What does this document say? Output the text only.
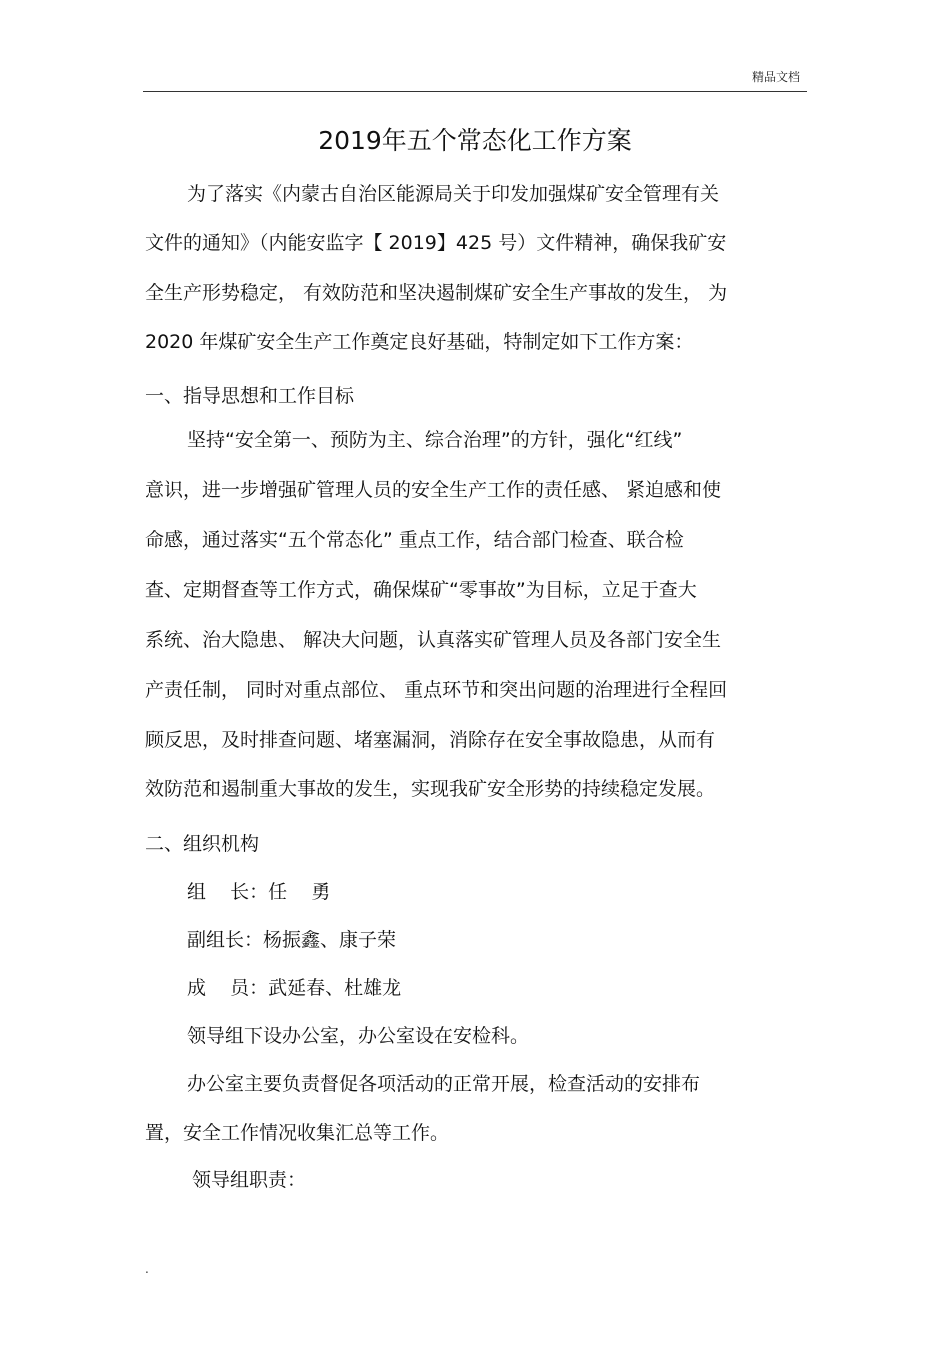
精品文档
2019年五个常态化工作方案
为了落实《内蒙古自治区能源局关于印发加强煤矿安全管理有关
文件的通知》（内能安监字【 2019】425 号）文件精神，确保我矿安
全生产形势稳定， 有效防范和坚决遏制煤矿安全生产事故的发生， 为
2020 年煤矿安全生产工作奠定良好基础，特制定如下工作方案：
一、指导思想和工作目标
坚持“安全第一、预防为主、综合治理”的方针，强化“红线”
意识，进一步增强矿管理人员的安全生产工作的责任感、 紧迫感和使
命感，通过落实“五个常态化” 重点工作，结合部门检查、联合检
查、定期督查等工作方式，确保煤矿“零事故”为目标，立足于查大
系统、治大隐患、 解决大问题，认真落实矿管理人员及各部门安全生
产责任制， 同时对重点部位、 重点环节和突出问题的治理进行全程回
顾反思，及时排查问题、堵塞漏洞，消除存在安全事故隐患，从而有
效防范和遏制重大事故的发生，实现我矿安全形势的持续稳定发展。
二、组织机构
组    长：任    勇
副组长：杨振鑫、康子荣
成    员：武延春、杜雄龙
领导组下设办公室，办公室设在安检科。
办公室主要负责督促各项活动的正常开展，检查活动的安排布
置，安全工作情况收集汇总等工作。
领导组职责：
.
